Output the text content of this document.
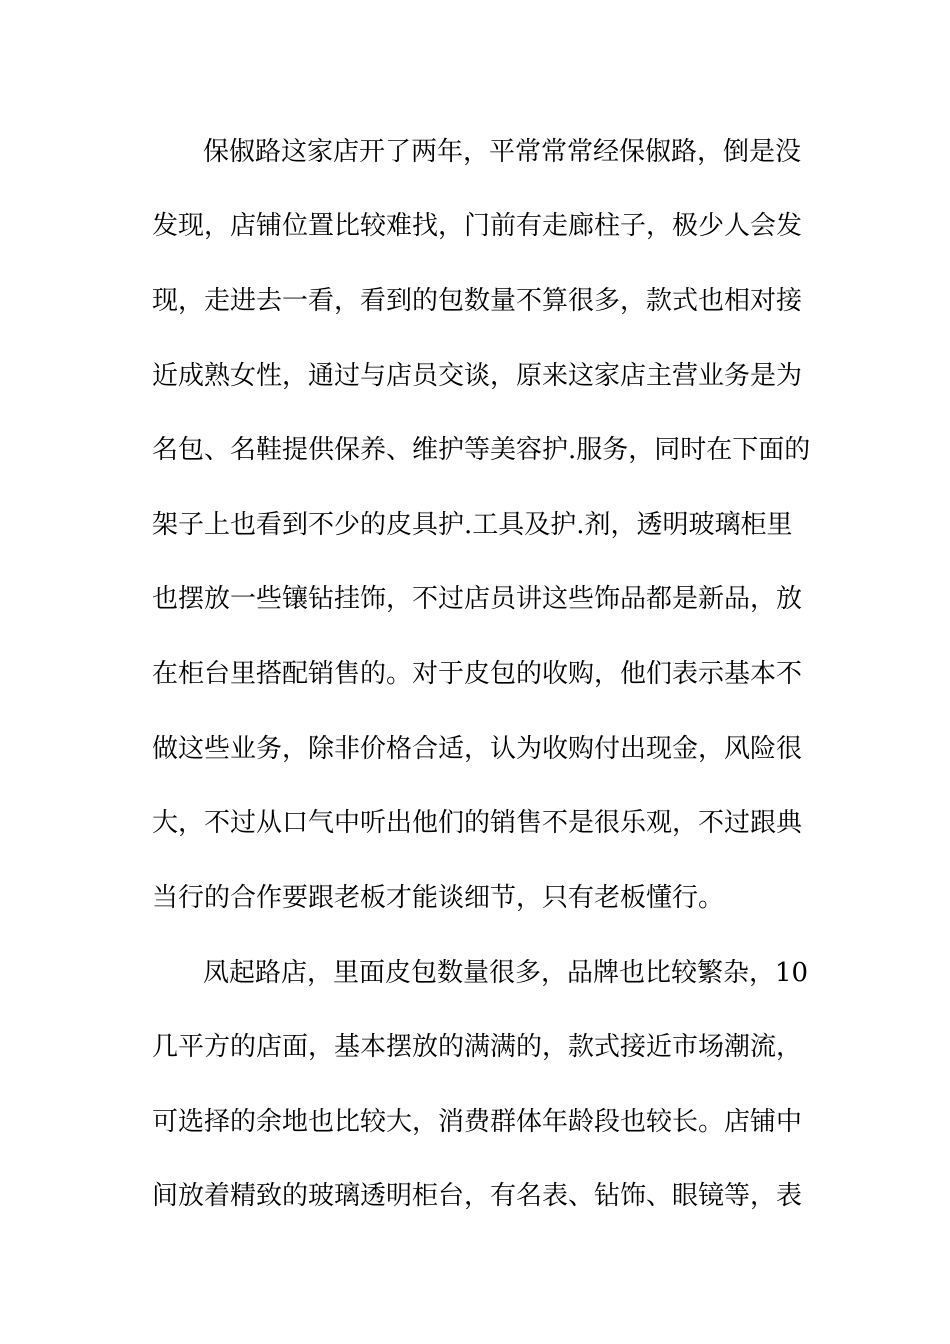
保俶路这家店开了两年，平常常常经保俶路，倒是没
发现，店铺位置比较难找，门前有走廊柱子，极少人会发
现，走进去一看，看到的包数量不算很多，款式也相对接
近成熟女性，通过与店员交谈，原来这家店主营业务是为
名包、名鞋提供保养、维护等美容护.服务，同时在下面的
架子上也看到不少的皮具护.工具及护.剂，透明玻璃柜里
也摆放一些镶钻挂饰，不过店员讲这些饰品都是新品，放
在柜台里搭配销售的。对于皮包的收购，他们表示基本不
做这些业务，除非价格合适，认为收购付出现金，风险很
大，不过从口气中听出他们的销售不是很乐观，不过跟典
当行的合作要跟老板才能谈细节，只有老板懂行。
凤起路店，里面皮包数量很多，品牌也比较繁杂，10
几平方的店面，基本摆放的满满的，款式接近市场潮流，
可选择的余地也比较大，消费群体年龄段也较长。店铺中
间放着精致的玻璃透明柜台，有名表、钻饰、眼镜等，表
